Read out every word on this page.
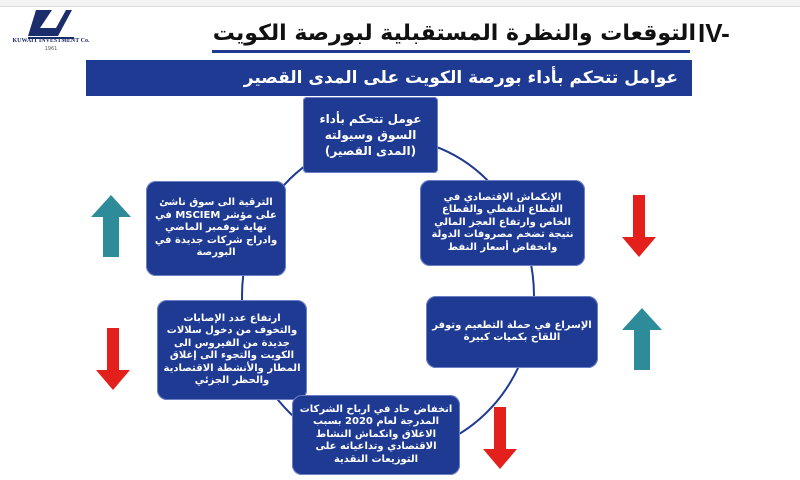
KUWAIT INVESTMENT Co.
1961
التوقعات والنظرة المستقبلية لبورصة الكويت IV-
عوامل تتحكم بأداء بورصة الكويت على المدى القصير
عومل تتحكم بأداء السوق وسيولته (المدى القصير)
الإنكماش الإقتصادي في القطاع النفطي والقطاع الخاص وارتفاع العجز المالي نتيجة تضخم مصروفات الدولة وانخفاض أسعار النفط
الترقية الى سوق ناشئ على مؤشر MSCIEM في نهاية نوفمبر الماضي وادراج شركات جديدة في البورصة
الإسراع في حملة التطعيم وتوفر اللقاح بكميات كبيرة
ارتفاع عدد الإصابات والتخوف من دخول سلالات جديدة من الفيروس الى الكويت والتجوء الى إغلاق المطار والأنشطة الاقتصادية والحظر الجزئي
انخفاض حاد في ارباح الشركات المدرجة لعام 2020 بسبب الاغلاق وانكماش النشاط الاقتصادي وتداعياته على التوزيعات النقدية
